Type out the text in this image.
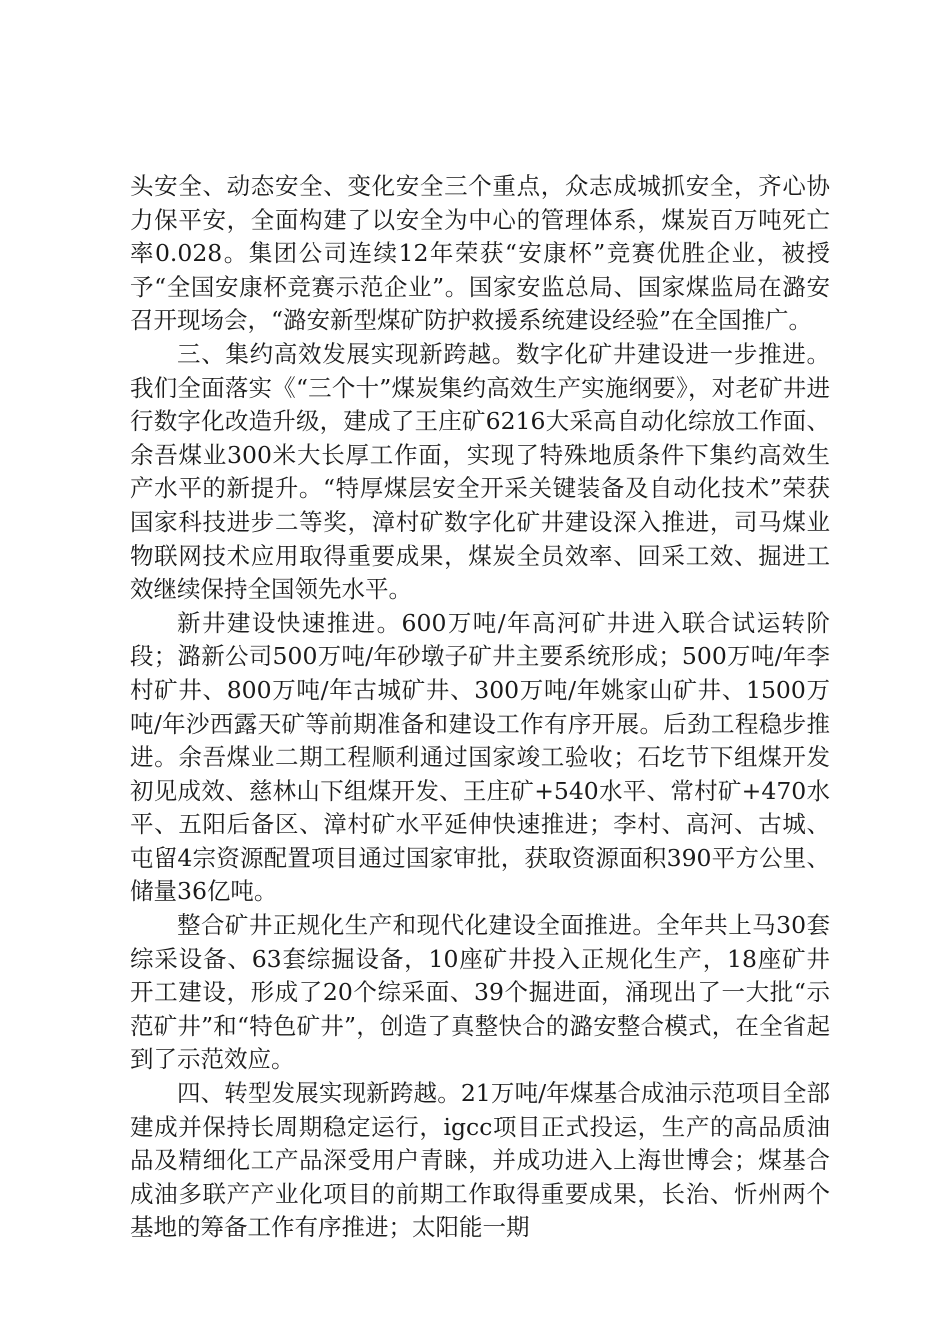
头安全、动态安全、变化安全三个重点，众志成城抓安全，齐心协力保平安，全面构建了以安全为中心的管理体系，煤炭百万吨死亡率0.028。集团公司连续12年荣获“安康杯”竞赛优胜企业，被授予“全国安康杯竞赛示范企业”。国家安监总局、国家煤监局在潞安召开现场会，“潞安新型煤矿防护救援系统建设经验”在全国推广。

三、集约高效发展实现新跨越。数字化矿井建设进一步推进。我们全面落实《“三个十”煤炭集约高效生产实施纲要》，对老矿井进行数字化改造升级，建成了王庄矿6216大采高自动化综放工作面、余吾煤业300米大长厚工作面，实现了特殊地质条件下集约高效生产水平的新提升。“特厚煤层安全开采关键装备及自动化技术”荣获国家科技进步二等奖，漳村矿数字化矿井建设深入推进，司马煤业物联网技术应用取得重要成果，煤炭全员效率、回采工效、掘进工效继续保持全国领先水平。

新井建设快速推进。600万吨/年高河矿井进入联合试运转阶段；潞新公司500万吨/年砂墩子矿井主要系统形成；500万吨/年李村矿井、800万吨/年古城矿井、300万吨/年姚家山矿井、1500万吨/年沙西露天矿等前期准备和建设工作有序开展。后劲工程稳步推进。余吾煤业二期工程顺利通过国家竣工验收；石圪节下组煤开发初见成效、慈林山下组煤开发、王庄矿+540水平、常村矿+470水平、五阳后备区、漳村矿水平延伸快速推进；李村、高河、古城、屯留4宗资源配置项目通过国家审批，获取资源面积390平方公里、储量36亿吨。

整合矿井正规化生产和现代化建设全面推进。全年共上马30套综采设备、63套综掘设备，10座矿井投入正规化生产，18座矿井开工建设，形成了20个综采面、39个掘进面，涌现出了一大批“示范矿井”和“特色矿井”，创造了真整快合的潞安整合模式，在全省起到了示范效应。

四、转型发展实现新跨越。21万吨/年煤基合成油示范项目全部建成并保持长周期稳定运行，igcc项目正式投运，生产的高品质油品及精细化工产品深受用户青睐，并成功进入上海世博会；煤基合成油多联产产业化项目的前期工作取得重要成果，长治、忻州两个基地的筹备工作有序推进；太阳能一期
